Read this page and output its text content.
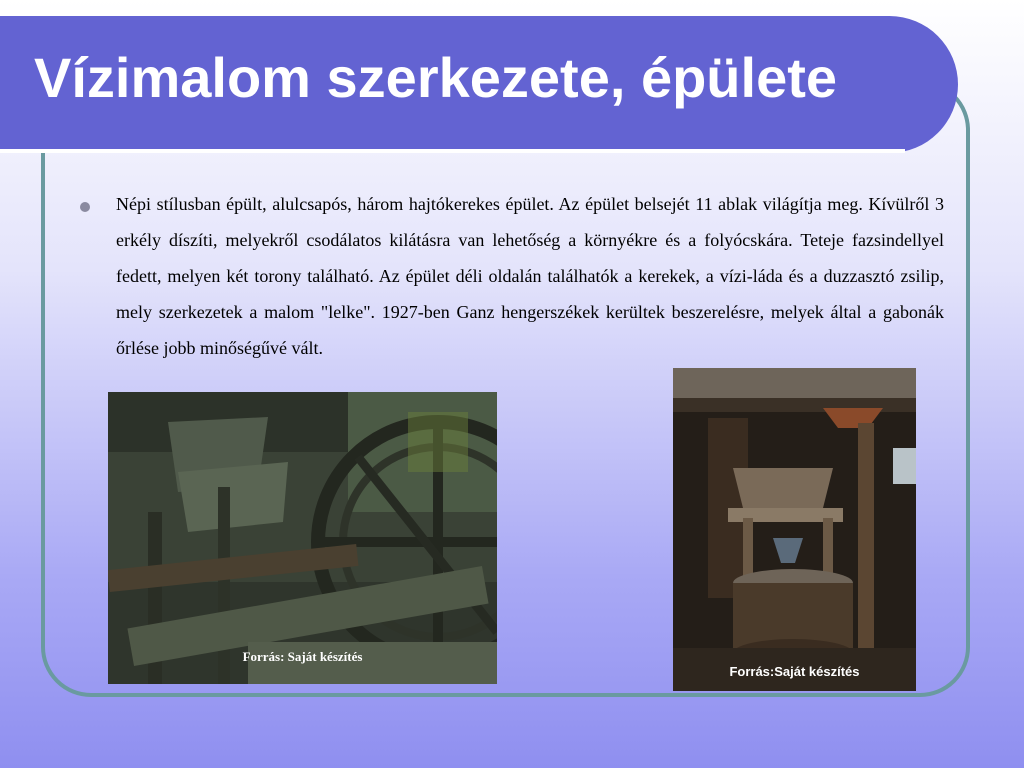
Vízimalom szerkezete, épülete

Népi stílusban épült, alulcsapós, három hajtókerekes épület. Az épület belsejét 11 ablak világítja meg. Kívülről 3 erkély díszíti, melyekről csodálatos kilátásra van lehetőség a környékre és a folyócskára. Teteje fazsindellyel fedett, melyen két torony található. Az épület déli oldalán találhatók a kerekek, a vízi-láda és a duzzasztó zsilip, mely szerkezetek a malom "lelke". 1927-ben Ganz hengerszékek kerültek beszerelésre, melyek által a gabonák őrlése jobb minőségűvé vált.

Forrás: Saját készítés

Forrás:Saját készítés
